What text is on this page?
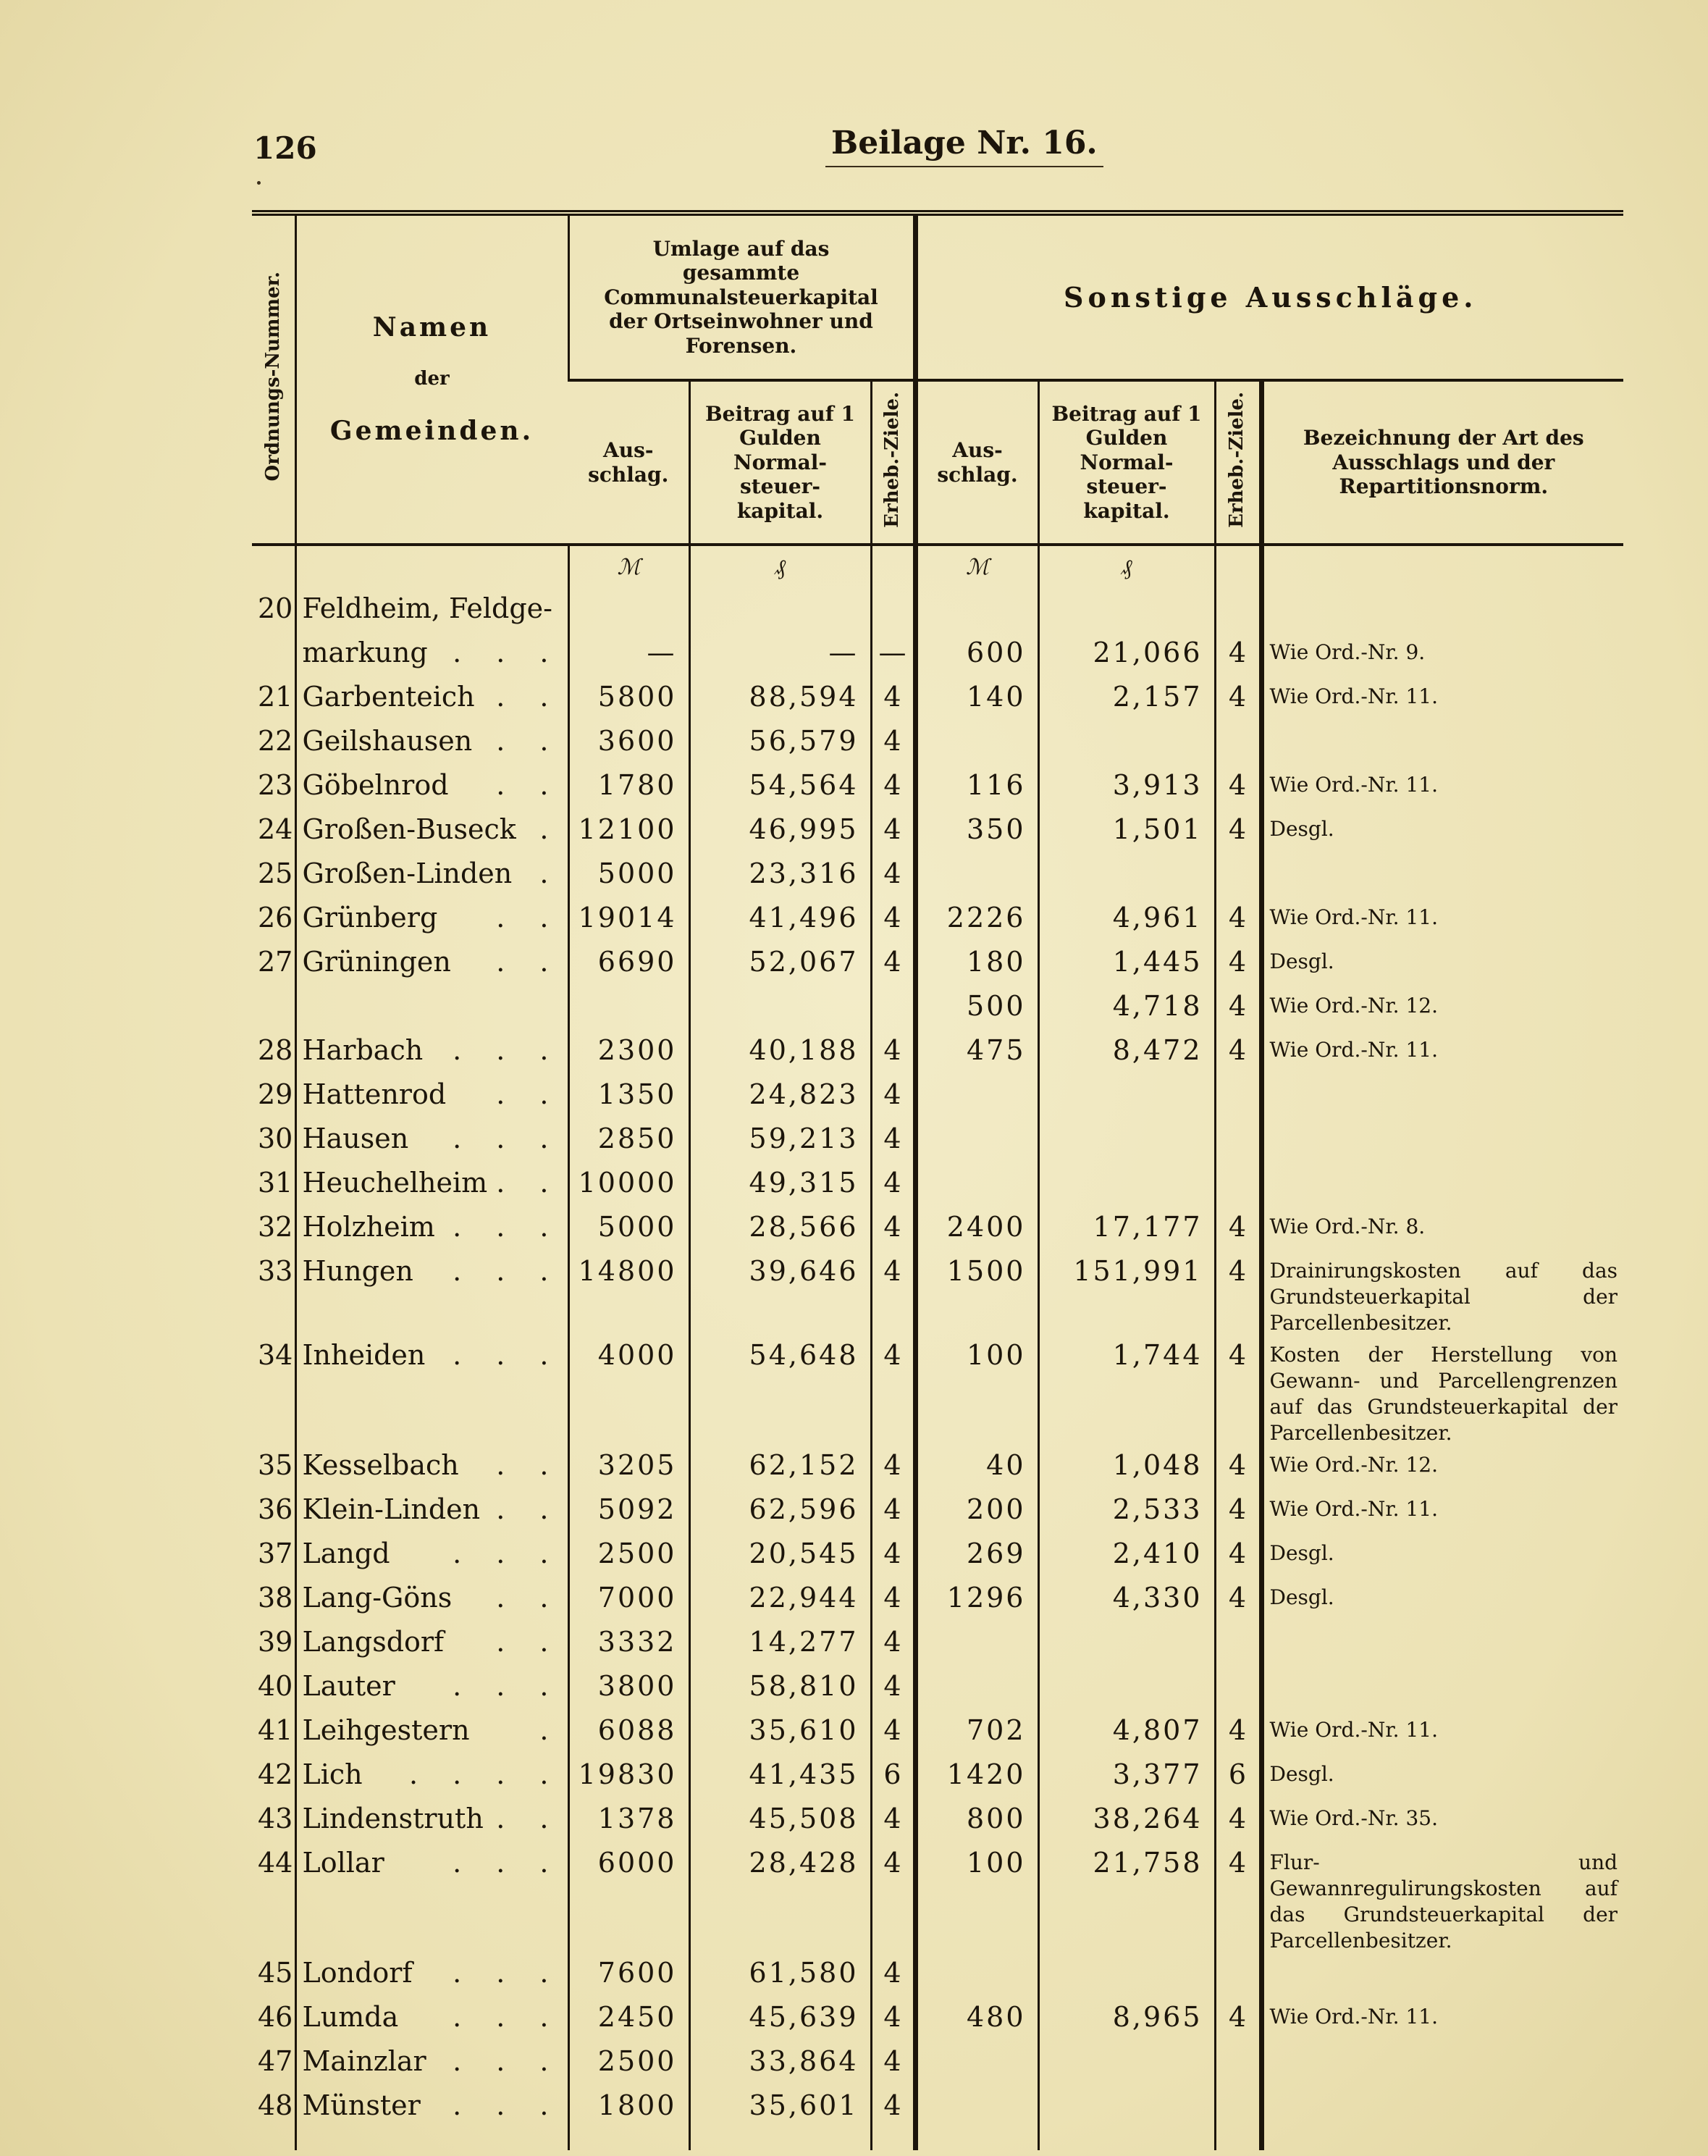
126	Beilage Nr. 16.
Ordnungs-Nummer.	Namen
der
Gemeinden.	Umlage auf das gesammte Communalsteuerkapital der Ortseinwohner und Forensen.			Sonstige Ausschläge.			
		Aus- schlag.	Beitrag auf 1 Gulden Normal- steuer- kapital.	Erheb.-Ziele.	Aus- schlag.	Beitrag auf 1 Gulden Normal- steuer- kapital.	Erheb.-Ziele.	Bezeichnung der Art des Ausschlags und der Repartitionsnorm.
		ℳ	₰		ℳ	₰		
20	Feldheim, Feldge-							
	markung . . .	—	—	—	600	21,066	4	Wie Ord.-Nr. 9.
21	Garbenteich . .	5800	88,594	4	140	2,157	4	Wie Ord.-Nr. 11.
22	Geilshausen . .	3600	56,579	4				
23	Göbelnrod . .	1780	54,564	4	116	3,913	4	Wie Ord.-Nr. 11.
24	Großen-Buseck .	12100	46,995	4	350	1,501	4	Desgl.
25	Großen-Linden .	5000	23,316	4				
26	Grünberg . .	19014	41,496	4	2226	4,961	4	Wie Ord.-Nr. 11.
27	Grüningen . .	6690	52,067	4	180	1,445	4	Desgl.
					500	4,718	4	Wie Ord.-Nr. 12.
28	Harbach . . .	2300	40,188	4	475	8,472	4	Wie Ord.-Nr. 11.
29	Hattenrod . .	1350	24,823	4				
30	Hausen . . .	2850	59,213	4				
31	Heuchelheim . .	10000	49,315	4				
32	Holzheim . . .	5000	28,566	4	2400	17,177	4	Wie Ord.-Nr. 8.
33	Hungen . . .	14800	39,646	4	1500	151,991	4	Drainirungskosten auf das Grundsteuerkapital der Parcellenbesitzer.
34	Inheiden . . .	4000	54,648	4	100	1,744	4	Kosten der Herstellung von Gewann- und Parcellengrenzen auf das Grundsteuerkapital der Parcellenbesitzer.
35	Kesselbach . .	3205	62,152	4	40	1,048	4	Wie Ord.-Nr. 12.
36	Klein-Linden . .	5092	62,596	4	200	2,533	4	Wie Ord.-Nr. 11.
37	Langd . . .	2500	20,545	4	269	2,410	4	Desgl.
38	Lang-Göns . .	7000	22,944	4	1296	4,330	4	Desgl.
39	Langsdorf . .	3332	14,277	4				
40	Lauter . . .	3800	58,810	4				
41	Leihgestern .	6088	35,610	4	702	4,807	4	Wie Ord.-Nr. 11.
42	Lich . . . .	19830	41,435	6	1420	3,377	6	Desgl.
43	Lindenstruth . .	1378	45,508	4	800	38,264	4	Wie Ord.-Nr. 35.
44	Lollar . . .	6000	28,428	4	100	21,758	4	Flur- und Gewannregulirungskosten auf das Grundsteuerkapital der Parcellenbesitzer.
45	Londorf . . .	7600	61,580	4				
46	Lumda . . .	2450	45,639	4	480	8,965	4	Wie Ord.-Nr. 11.
47	Mainzlar . . .	2500	33,864	4				
48	Münster . . .	1800	35,601	4				
